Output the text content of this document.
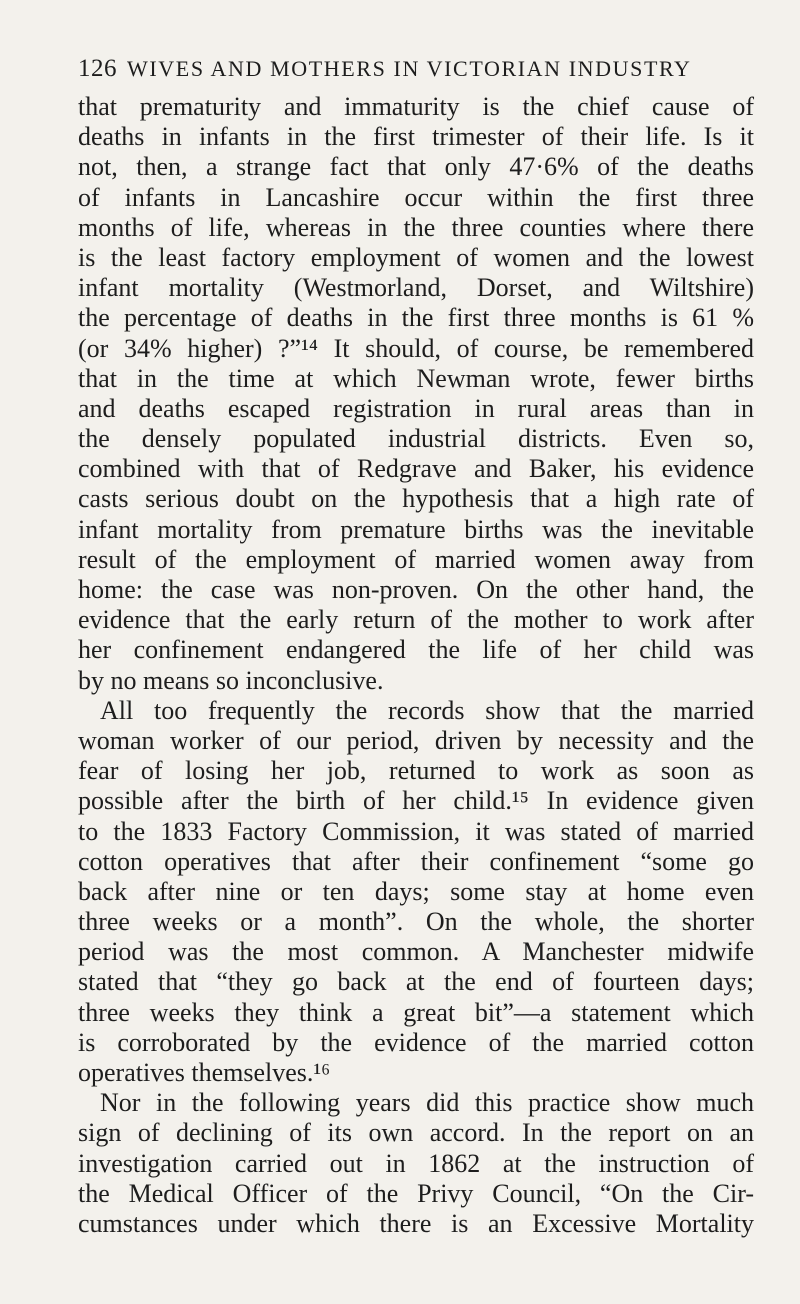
126 WIVES AND MOTHERS IN VICTORIAN INDUSTRY
that prematurity and immaturity is the chief cause of
deaths in infants in the first trimester of their life. Is it
not, then, a strange fact that only 47·6% of the deaths
of infants in Lancashire occur within the first three
months of life, whereas in the three counties where there
is the least factory employment of women and the lowest
infant mortality (Westmorland, Dorset, and Wiltshire)
the percentage of deaths in the first three months is 61 %
(or 34% higher) ?”¹⁴ It should, of course, be remembered
that in the time at which Newman wrote, fewer births
and deaths escaped registration in rural areas than in
the densely populated industrial districts. Even so,
combined with that of Redgrave and Baker, his evidence
casts serious doubt on the hypothesis that a high rate of
infant mortality from premature births was the inevitable
result of the employment of married women away from
home: the case was non-proven. On the other hand, the
evidence that the early return of the mother to work after
her confinement endangered the life of her child was
by no means so inconclusive.
All too frequently the records show that the married
woman worker of our period, driven by necessity and the
fear of losing her job, returned to work as soon as
possible after the birth of her child.¹⁵ In evidence given
to the 1833 Factory Commission, it was stated of married
cotton operatives that after their confinement “some go
back after nine or ten days; some stay at home even
three weeks or a month”. On the whole, the shorter
period was the most common. A Manchester midwife
stated that “they go back at the end of fourteen days;
three weeks they think a great bit”—a statement which
is corroborated by the evidence of the married cotton
operatives themselves.¹⁶
Nor in the following years did this practice show much
sign of declining of its own accord. In the report on an
investigation carried out in 1862 at the instruction of
the Medical Officer of the Privy Council, “On the Cir-
cumstances under which there is an Excessive Mortality
